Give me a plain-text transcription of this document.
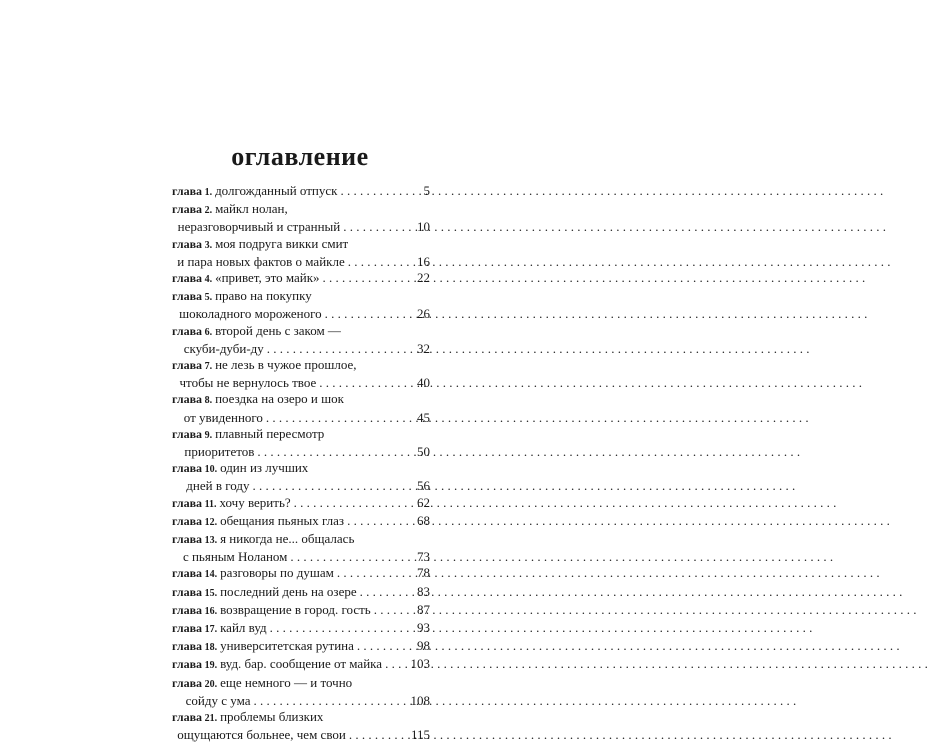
оглавление
глава 1. долгожданный отпуск . . .	5
глава 2. майкл нолан,
неразговорчивый и странный . . .	10
глава 3. моя подруга викки смит
и пара новых фактов о майкле . . .	16
глава 4. «привет, это майк» . . .	22
глава 5. право на покупку
шоколадного мороженого . . .	26
глава 6. второй день с заком —
скуби-дуби-ду . . .	32
глава 7. не лезь в чужое прошлое,
чтобы не вернулось твое . . .	40
глава 8. поездка на озеро и шок
от увиденного . . .	45
глава 9. плавный пересмотр
приоритетов . . .	50
глава 10. один из лучших
дней в году . . .	56
глава 11. хочу верить? . . .	62
глава 12. обещания пьяных глаз . . .	68
глава 13. я никогда не... общалась
с пьяным Ноланом . . .	73
глава 14. разговоры по душам . . .	78
глава 15. последний день на озере . . .	83
глава 16. возвращение в город. гость . . .	87
глава 17. кайл вуд . . .	93
глава 18. университетская рутина . . .	98
глава 19. вуд. бар. сообщение от майка . . . 103
глава 20. еще немного — и точно
сойду с ума . . .	108
глава 21. проблемы близких
ощущаются больнее, чем свои . . .	115
